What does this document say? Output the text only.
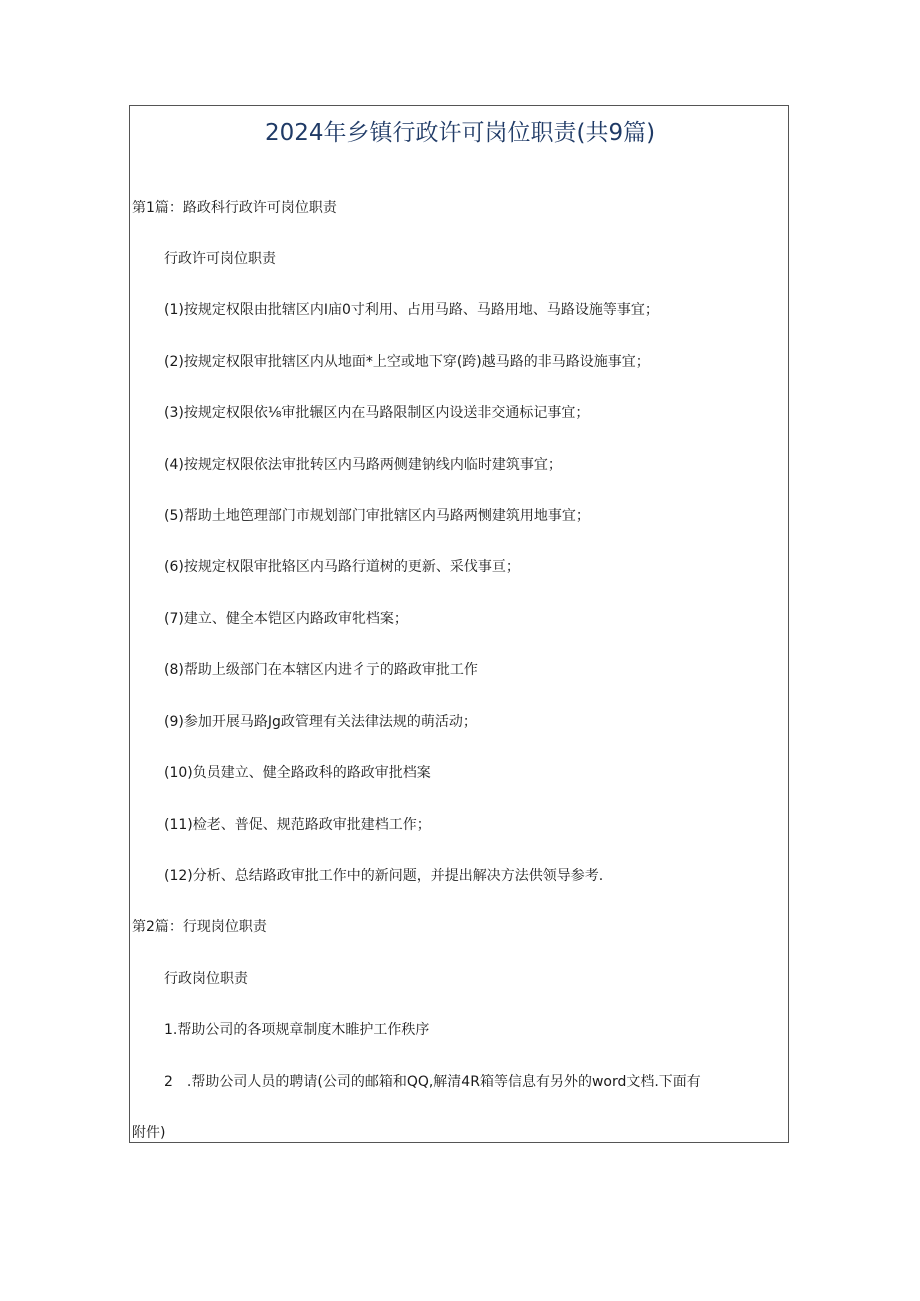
2024年乡镇行政许可岗位职责(共9篇)
第1篇：路政科行政许可岗位职责
行政许可岗位职责
(1)按规定权限由批辖区内I庙0寸利用、占用马路、马路用地、马路设施等事宜；
(2)按规定权限审批辖区内从地面*上空或地下穿(跨)越马路的非马路设施事宜；
(3)按规定权限依⅛审批辗区内在马路限制区内设送非交通标记事宜；
(4)按规定权限依法审批转区内马路两侧建钠线内临时建筑事宜；
(5)帮助土地笆理部门市规划部门审批辖区内马路两恻建筑用地事宜；
(6)按规定权限审批辂区内马路行道树的更新、采伐事亘；
(7)建立、健全本铠区内路政审牝档案；
(8)帮助上级部门在本辖区内进彳亍的路政审批工作
(9)参加开展马路Jg政管理有关法律法规的萌活动；
(10)负员建立、健全路政科的路政审批档案
(11)检老、普促、规范路政审批建档工作；
(12)分析、总结路政审批工作中的新问题，并提出解决方法供领导参考.
第2篇：行现岗位职责
行政岗位职责
1.帮助公司的各项规章制度木睢护工作秩序
2　.帮助公司人员的聘请(公司的邮箱和QQ,解清4R箱等信息有另外的word文档.下面有
附件)
